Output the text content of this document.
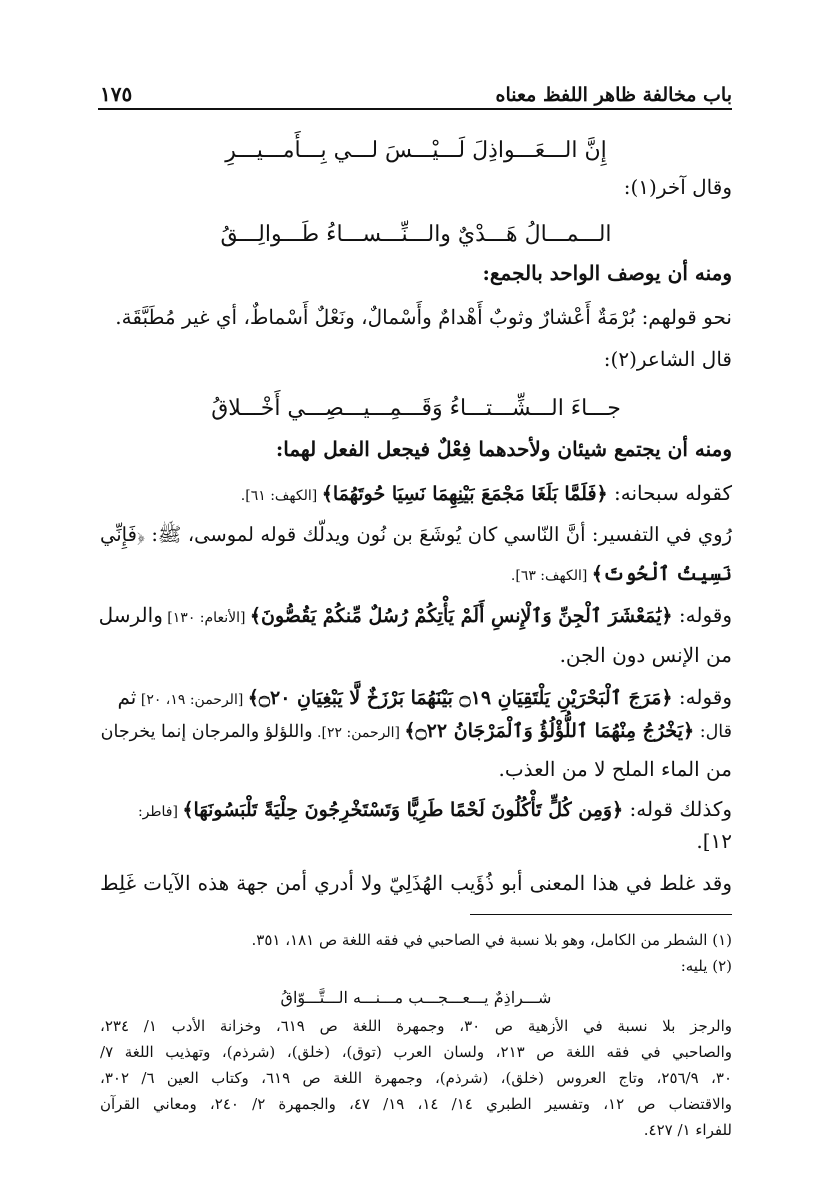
باب مخالفة ظاهر اللفظ معناه
١٧٥
إِنَّ الـــعَـــواذِلَ لَـــيْـــسَ لـــي بِـــأَمـــيـــرِ
وقال آخر(١):
الـــمـــالُ هَـــدْيٌ والـــنِّـــســـاءُ طَـــوالِـــقُ
ومنه أن يوصف الواحد بالجمع:
نحو قولهم: بُرْمَةٌ أَعْشارٌ وثوبٌ أَهْدامٌ وأَسْمالٌ، ونَعْلٌ أَسْماطٌ، أي غير مُطَبَّقَة.
قال الشاعر(٢):
جـــاءَ الـــشِّـــتـــاءُ وَقَـــمِـــيـــصِـــي أَخْـــلاقُ
ومنه أن يجتمع شيئان ولأحدهما فِعْلٌ فيجعل الفعل لهما:
كقوله سبحانه: ﴿فَلَمَّا بَلَغَا مَجْمَعَ بَيْنِهِمَا نَسِيَا حُوتَهُمَا﴾ [الكهف: ٦١].
رُوي في التفسير: أنَّ النّاسي كان يُوشَعَ بن نُون ويدلّك قوله لموسى، ﷺ: ﴿فَإِنِّي
نَسِيتُ ٱلْحُوتَ﴾ [الكهف: ٦٣].
وقوله: ﴿يَٰمَعْشَرَ ٱلْجِنِّ وَٱلْإِنسِ أَلَمْ يَأْتِكُمْ رُسُلٌ مِّنكُمْ يَقُصُّونَ﴾ [الأنعام: ١٣٠] والرسل
من الإنس دون الجن.
وقوله: ﴿مَرَجَ ٱلْبَحْرَيْنِ يَلْتَقِيَانِ ۝١٩ بَيْنَهُمَا بَرْزَخٌ لَّا يَبْغِيَانِ ۝٢٠﴾ [الرحمن: ١٩، ٢٠] ثم
قال: ﴿يَخْرُجُ مِنْهُمَا ٱللُّؤْلُؤُ وَٱلْمَرْجَانُ ۝٢٢﴾ [الرحمن: ٢٢]. واللؤلؤ والمرجان إنما يخرجان
من الماء الملح لا من العذب.
وكذلك قوله: ﴿وَمِن كُلٍّ تَأْكُلُونَ لَحْمًا طَرِيًّا وَتَسْتَخْرِجُونَ حِلْيَةً تَلْبَسُونَهَا﴾ [فاطر:
١٢].
وقد غلط في هذا المعنى أبو ذُؤَيب الهُذَلِيّ ولا أدري أمن جهة هذه الآيات غَلِط
(١) الشطر من الكامل، وهو بلا نسبة في الصاحبي في فقه اللغة ص ١٨١، ٣٥١.
(٢) يليه:
شـــراذِمٌ يـــعـــجـــب مـــنـــه الـــتَّـــوّاقُ
والرجز بلا نسبة في الأزهية ص ٣٠، وجمهرة اللغة ص ٦١٩، وخزانة الأدب ١/ ٢٣٤،
والصاحبي في فقه اللغة ص ٢١٣، ولسان العرب (توق)، (خلق)، (شرذم)، وتهذيب اللغة ٧/
٣٠، ٢٥٦/٩، وتاج العروس (خلق)، (شرذم)، وجمهرة اللغة ص ٦١٩، وكتاب العين ٦/ ٣٠٢،
والاقتضاب ص ١٢، وتفسير الطبري ١٤/ ١٤، ١٩/ ٤٧، والجمهرة ٢/ ٢٤٠، ومعاني القرآن
للفراء ١/ ٤٢٧.
